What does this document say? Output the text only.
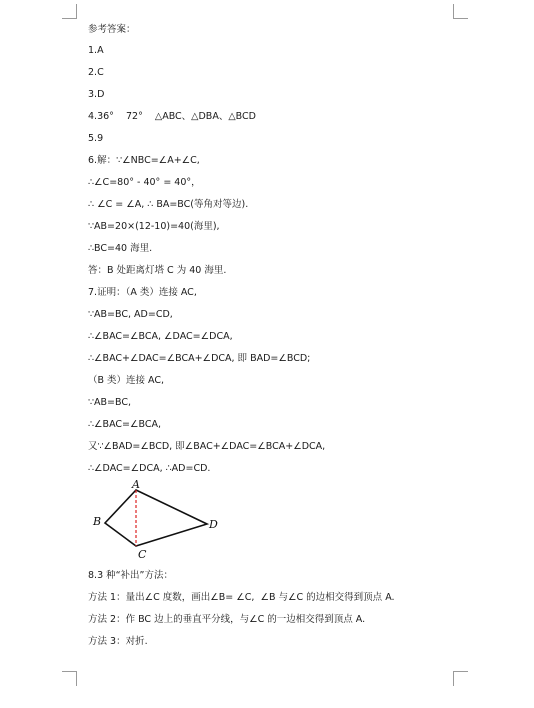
参考答案：
1.A
2.C
3.D
4.36°    72°    △ABC、△DBA、△BCD
5.9
6.解：∵∠NBC=∠A+∠C,
∴∠C=80° - 40° = 40°，
∴ ∠C = ∠A, ∴ BA=BC(等角对等边).
∵AB=20×(12-10)=40(海里),
∴BC=40 海里.
答：B 处距离灯塔 C 为 40 海里.
7.证明：（A 类）连接 AC,
∵AB=BC, AD=CD,
∴∠BAC=∠BCA, ∠DAC=∠DCA,
∴∠BAC+∠DAC=∠BCA+∠DCA, 即 BAD=∠BCD;
（B 类）连接 AC,
∵AB=BC,
∴∠BAC=∠BCA,
又∵∠BAD=∠BCD, 即∠BAC+∠DAC=∠BCA+∠DCA,
∴∠DAC=∠DCA, ∴AD=CD.
A
B
C
D
8.3 种“补出”方法：
方法 1：量出∠C 度数，画出∠B= ∠C,  ∠B 与∠C 的边相交得到顶点 A.
方法 2：作 BC 边上的垂直平分线，与∠C 的一边相交得到顶点 A.
方法 3：对折.
